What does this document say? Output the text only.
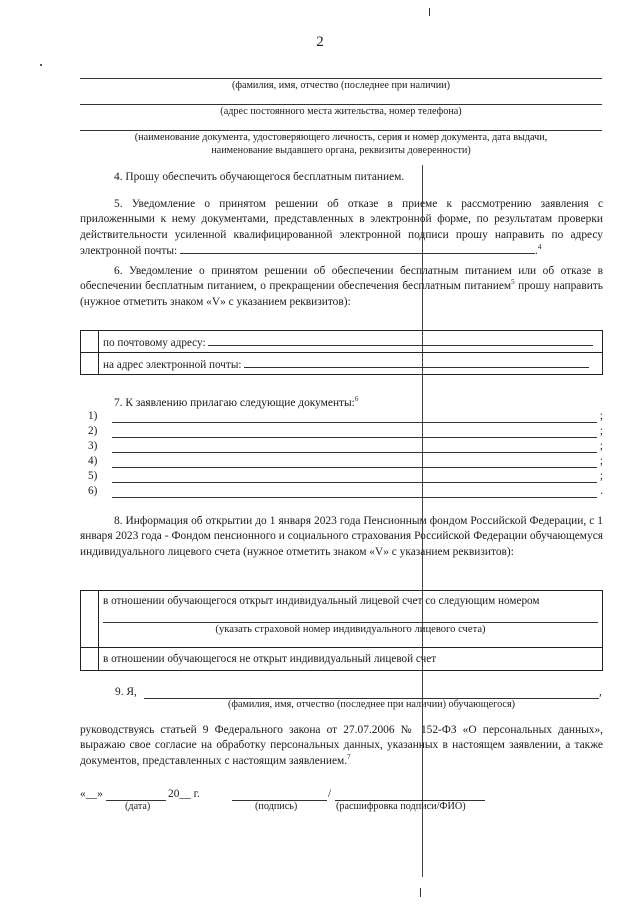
2
(фамилия, имя, отчество (последнее при наличии)
(адрес постоянного места жительства, номер телефона)
(наименование документа, удостоверяющего личность, серия и номер документа, дата выдачи,
наименование выдавшего органа, реквизиты доверенности)
4. Прошу обеспечить обучающегося бесплатным питанием.
5. Уведомление о принятом решении об отказе в приеме к рассмотрению заявления с приложенными к нему документами, представленных в электронной форме, по результатам проверки действительности усиленной квалифицированной электронной подписи прошу направить по адресу электронной почты:	.$^4$
6. Уведомление о принятом решении об обеспечении бесплатным питанием или об отказе в обеспечении бесплатным питанием, о прекращении обеспечения бесплатным питанием$^5$ прошу направить (нужное отметить знаком «V» с указанием реквизитов):
	по почтовому адресу:
	на адрес электронной почты:
7. К заявлению прилагаю следующие документы:$^6$
1)	;
2)	;
3)	;
4)	;
5)	;
6)	.
8. Информация об открытии до 1 января 2023 года Пенсионным фондом Российской Федерации, с 1 января 2023 года - Фондом пенсионного и социального страхования Российской Федерации обучающемуся индивидуального лицевого счета (нужное отметить знаком «V» с указанием реквизитов):

	в отношении обучающегося открыт индивидуальный лицевой счет со следующим номером
(указать страховой номер индивидуального лицевого счета)

	в отношении обучающегося не открыт индивидуальный лицевой счет
9. Я,	,
(фамилия, имя, отчество (последнее при наличии) обучающегося)
руководствуясь статьей 9 Федерального закона от 27.07.2006 № 152-ФЗ «О персональных данных», выражаю свое согласие на обработку персональных данных, указанных в настоящем заявлении, а также документов, представленных с настоящим заявлением.$^7$
«__»	20__ г.	/
(дата)	(подпись)	(расшифровка подписи/ФИО)
